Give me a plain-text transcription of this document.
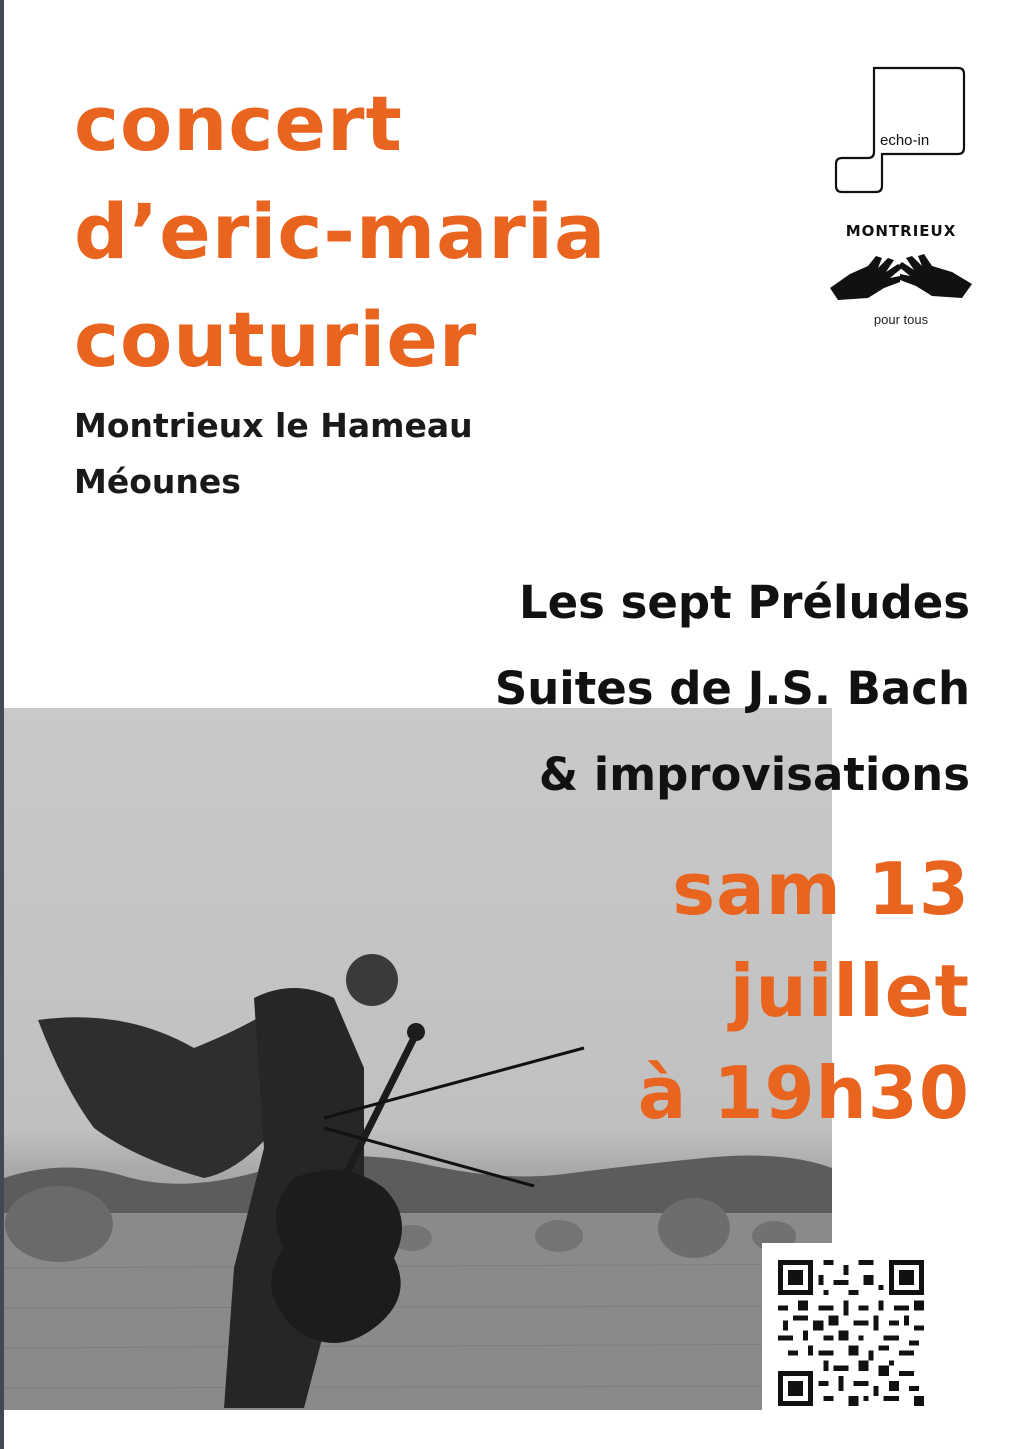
concert
d’eric-maria
couturier
Montrieux le Hameau
Méounes
echo-in
MONTRIEUX
pour tous
Les sept Préludes
Suites de J.S. Bach
& improvisations
sam 13
juillet
à 19h30
